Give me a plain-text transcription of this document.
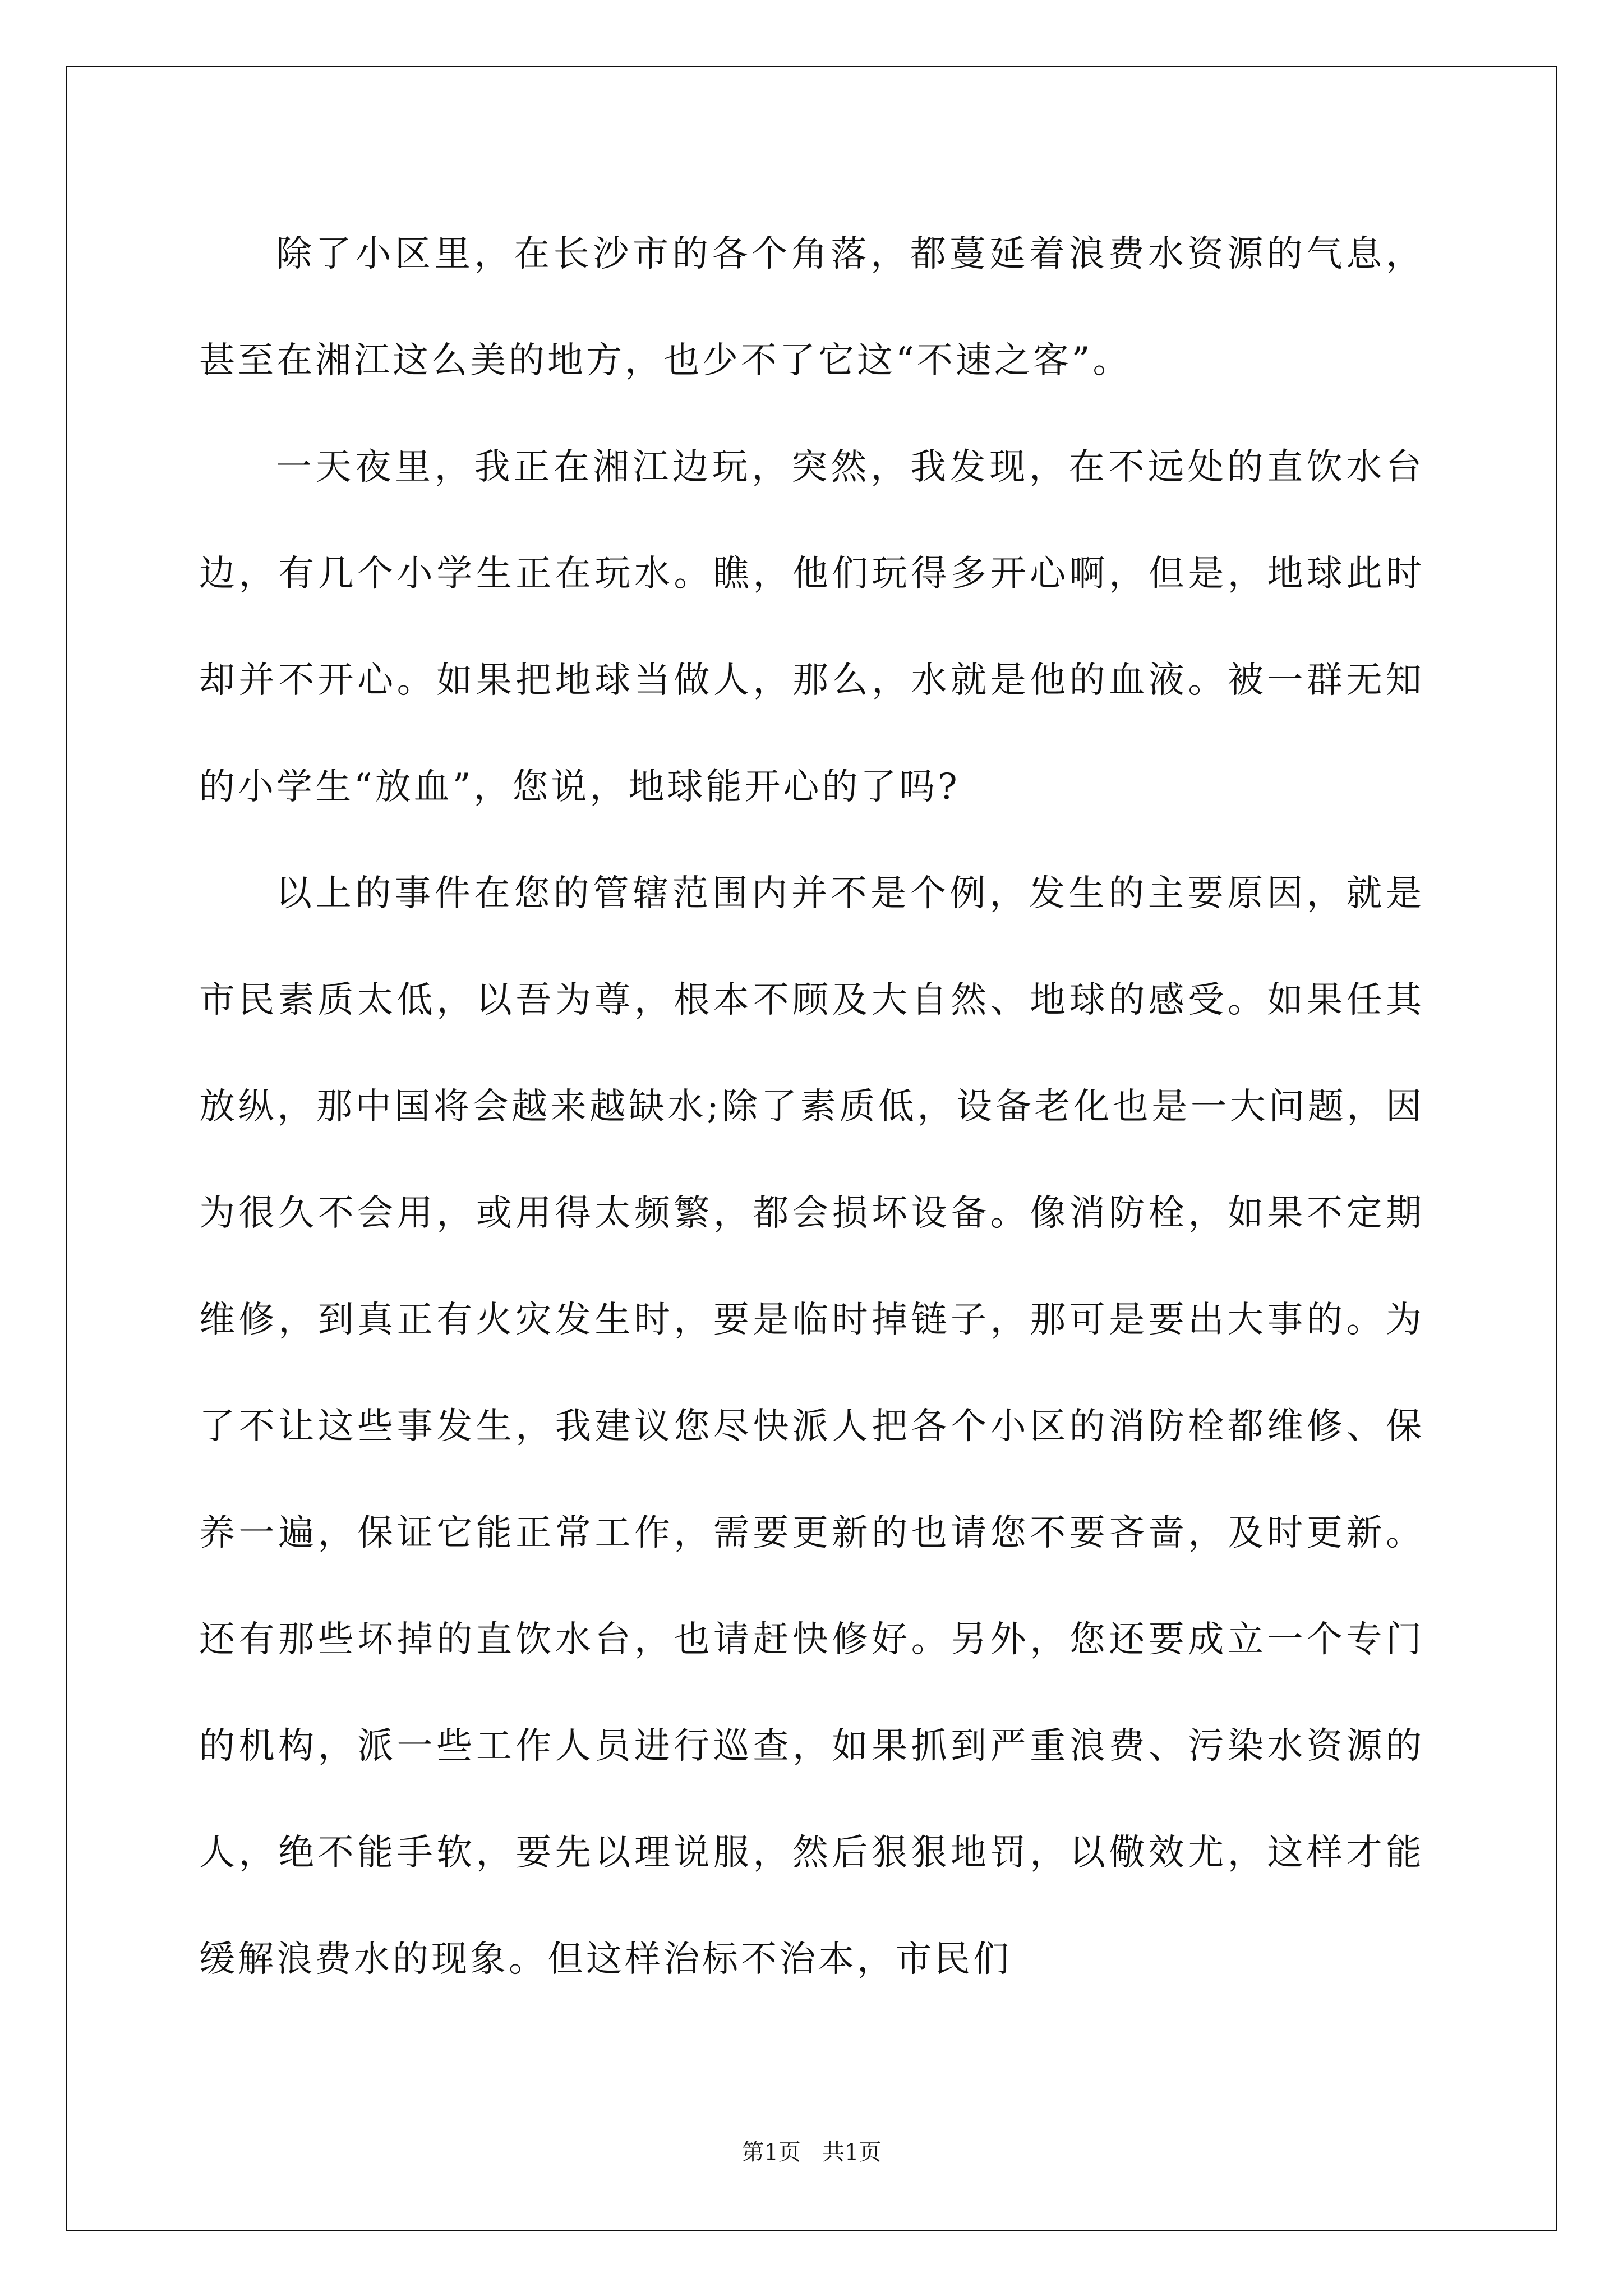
除了小区里，在长沙市的各个角落，都蔓延着浪费水资源的气息，甚至在湘江这么美的地方，也少不了它这“不速之客”。

一天夜里，我正在湘江边玩，突然，我发现，在不远处的直饮水台边，有几个小学生正在玩水。瞧，他们玩得多开心啊，但是，地球此时却并不开心。如果把地球当做人，那么，水就是他的血液。被一群无知的小学生“放血”，您说，地球能开心的了吗?

以上的事件在您的管辖范围内并不是个例，发生的主要原因，就是市民素质太低，以吾为尊，根本不顾及大自然、地球的感受。如果任其放纵，那中国将会越来越缺水;除了素质低，设备老化也是一大问题，因为很久不会用，或用得太频繁，都会损坏设备。像消防栓，如果不定期维修，到真正有火灾发生时，要是临时掉链子，那可是要出大事的。为了不让这些事发生，我建议您尽快派人把各个小区的消防栓都维修、保养一遍，保证它能正常工作，需要更新的也请您不要吝啬，及时更新。还有那些坏掉的直饮水台，也请赶快修好。另外，您还要成立一个专门的机构，派一些工作人员进行巡查，如果抓到严重浪费、污染水资源的人，绝不能手软，要先以理说服，然后狠狠地罚，以儆效尤，这样才能缓解浪费水的现象。但这样治标不治本，市民们

第1页   共1页
